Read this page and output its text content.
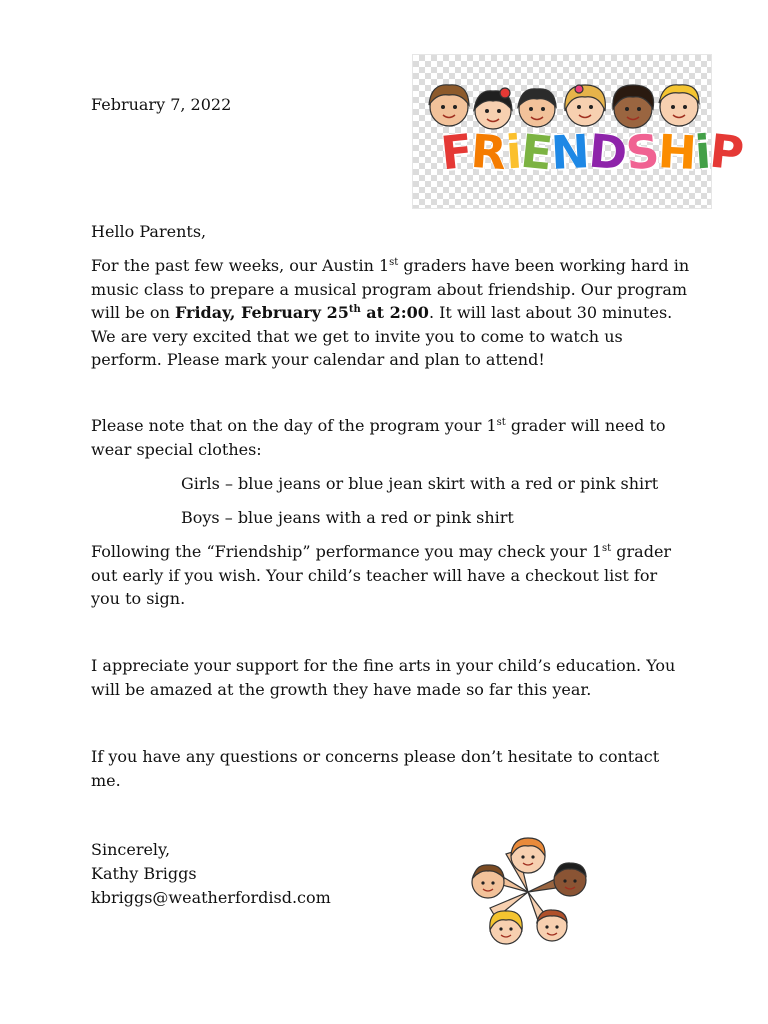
February 7, 2022
FRiENDSHiP
Hello Parents,
For the past few weeks, our Austin 1st graders have been working hard in music class to prepare a musical program about friendship. Our program will be on Friday, February 25th at 2:00. It will last about 30 minutes. We are very excited that we get to invite you to come to watch us perform. Please mark your calendar and plan to attend!
Please note that on the day of the program your 1st grader will need to wear special clothes:
Girls – blue jeans or blue jean skirt with a red or pink shirt
Boys – blue jeans with a red or pink shirt
Following the “Friendship” performance you may check your 1st grader out early if you wish. Your child’s teacher will have a checkout list for you to sign.
I appreciate your support for the fine arts in your child’s education. You will be amazed at the growth they have made so far this year.
If you have any questions or concerns please don’t hesitate to contact me.
Sincerely,
Kathy Briggs
kbriggs@weatherfordisd.com
